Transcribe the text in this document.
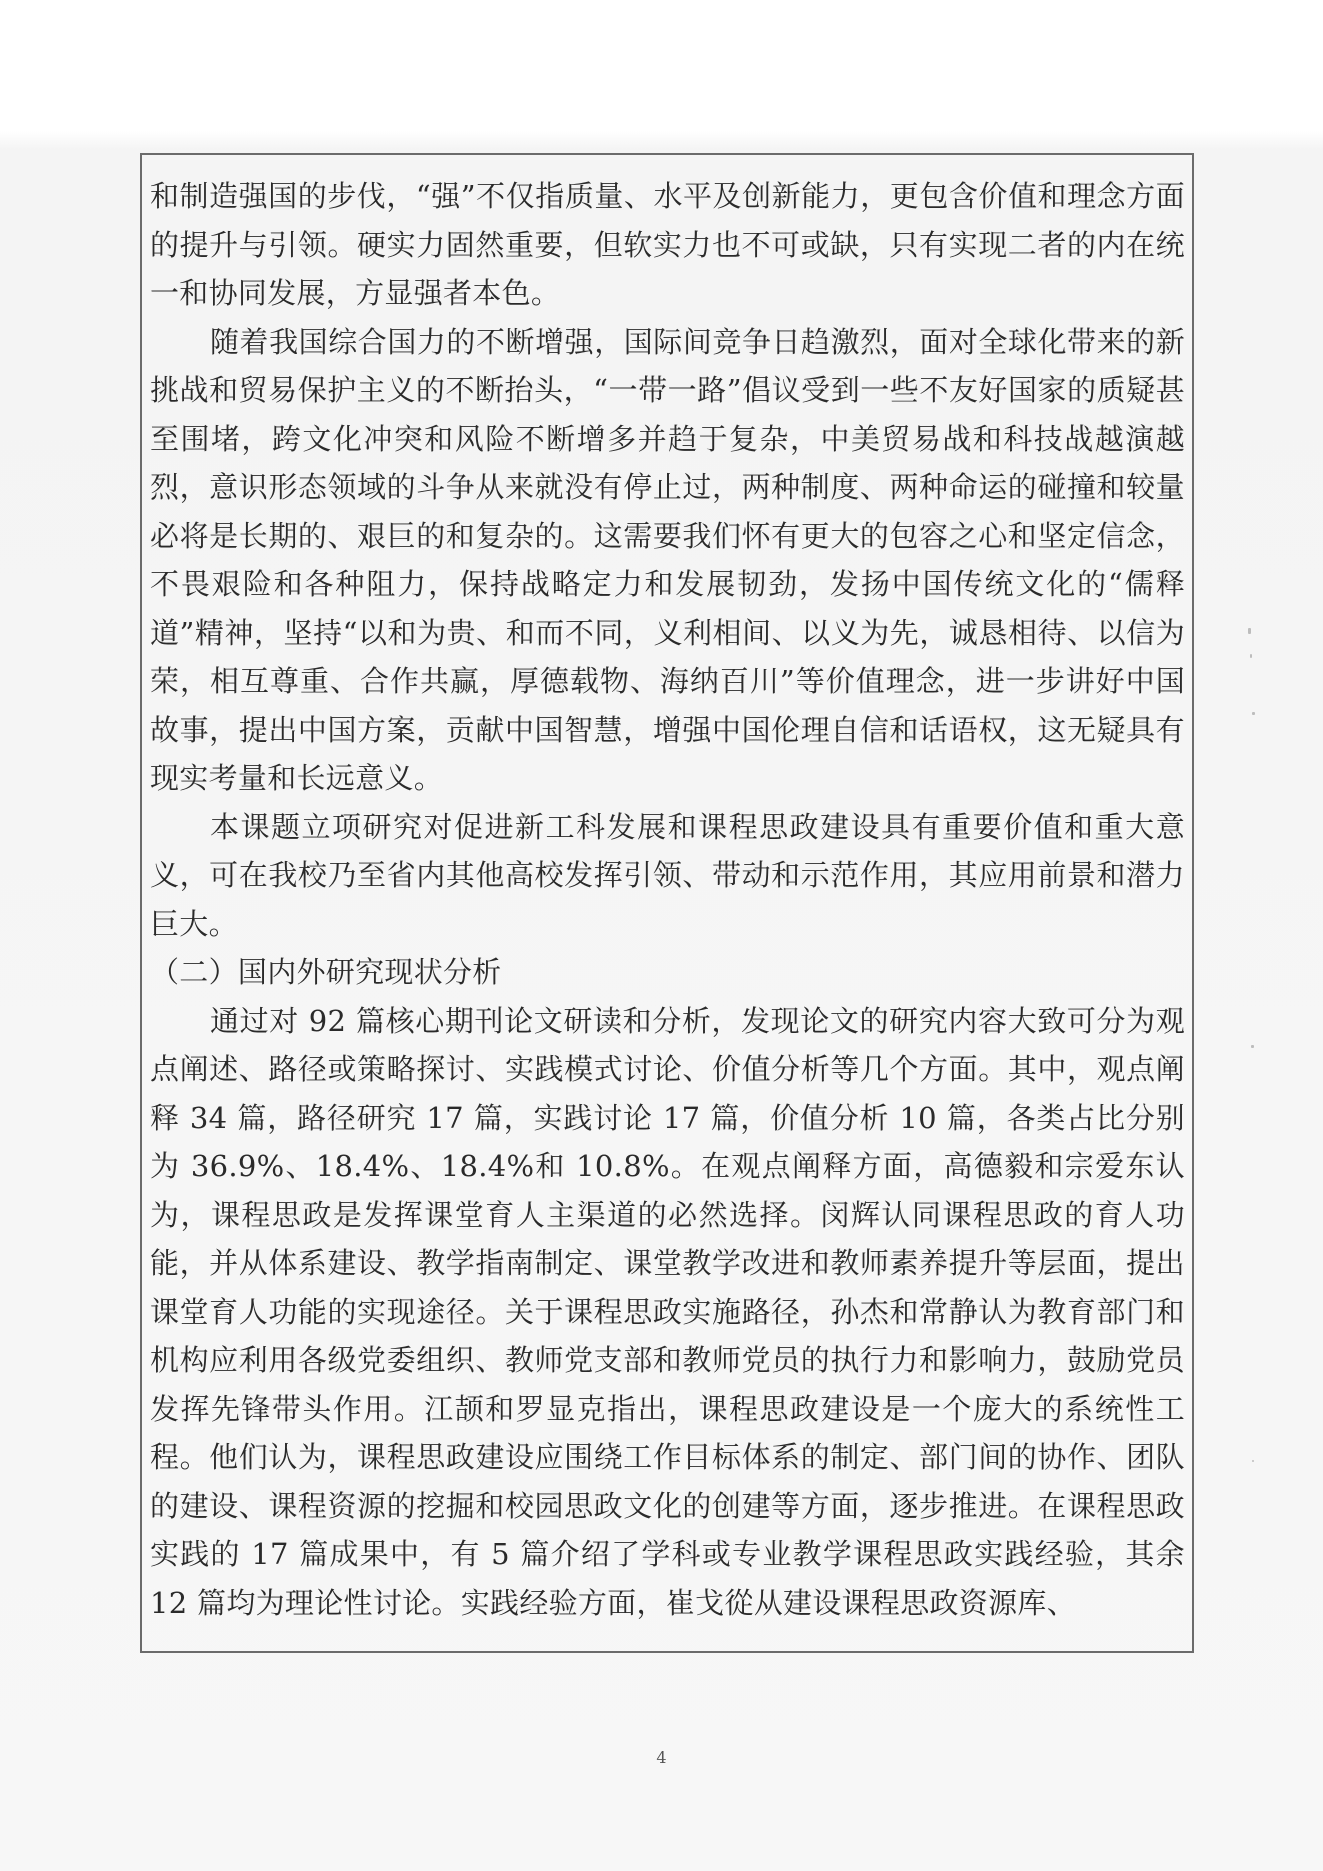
和制造强国的步伐，“强”不仅指质量、水平及创新能力，更包含价值和理念方面的提升与引领。硬实力固然重要，但软实力也不可或缺，只有实现二者的内在统一和协同发展，方显强者本色。

随着我国综合国力的不断增强，国际间竞争日趋激烈，面对全球化带来的新挑战和贸易保护主义的不断抬头，“一带一路”倡议受到一些不友好国家的质疑甚至围堵，跨文化冲突和风险不断增多并趋于复杂，中美贸易战和科技战越演越烈，意识形态领域的斗争从来就没有停止过，两种制度、两种命运的碰撞和较量必将是长期的、艰巨的和复杂的。这需要我们怀有更大的包容之心和坚定信念，不畏艰险和各种阻力，保持战略定力和发展韧劲，发扬中国传统文化的“儒释道”精神，坚持“以和为贵、和而不同，义利相间、以义为先，诚恳相待、以信为荣，相互尊重、合作共赢，厚德载物、海纳百川”等价值理念，进一步讲好中国故事，提出中国方案，贡献中国智慧，增强中国伦理自信和话语权，这无疑具有现实考量和长远意义。

本课题立项研究对促进新工科发展和课程思政建设具有重要价值和重大意义，可在我校乃至省内其他高校发挥引领、带动和示范作用，其应用前景和潜力巨大。

（二）国内外研究现状分析

通过对 92 篇核心期刊论文研读和分析，发现论文的研究内容大致可分为观点阐述、路径或策略探讨、实践模式讨论、价值分析等几个方面。其中，观点阐释 34 篇，路径研究 17 篇，实践讨论 17 篇，价值分析 10 篇，各类占比分别为 36.9%、18.4%、18.4%和 10.8%。在观点阐释方面，高德毅和宗爱东认为，课程思政是发挥课堂育人主渠道的必然选择。闵辉认同课程思政的育人功能，并从体系建设、教学指南制定、课堂教学改进和教师素养提升等层面，提出课堂育人功能的实现途径。关于课程思政实施路径，孙杰和常静认为教育部门和机构应利用各级党委组织、教师党支部和教师党员的执行力和影响力，鼓励党员发挥先锋带头作用。江颉和罗显克指出，课程思政建设是一个庞大的系统性工程。他们认为，课程思政建设应围绕工作目标体系的制定、部门间的协作、团队的建设、课程资源的挖掘和校园思政文化的创建等方面，逐步推进。在课程思政实践的 17 篇成果中，有 5 篇介绍了学科或专业教学课程思政实践经验，其余 12 篇均为理论性讨论。实践经验方面，崔戈從从建设课程思政资源库、

4
